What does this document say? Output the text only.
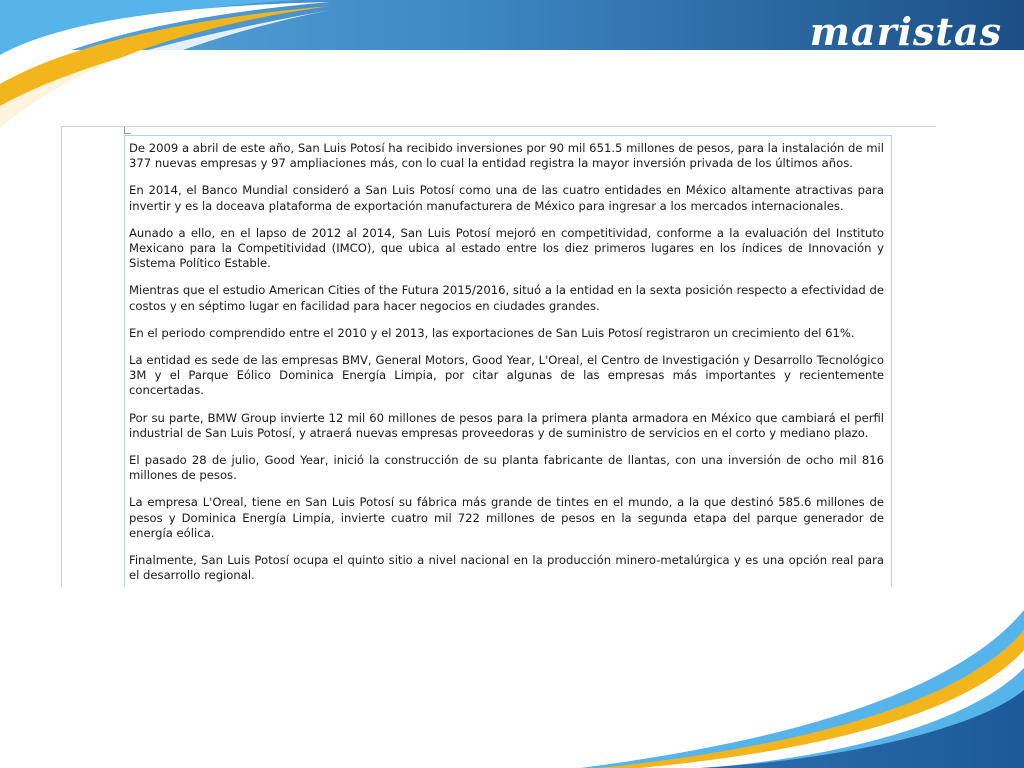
maristas

De 2009 a abril de este año, San Luis Potosí ha recibido inversiones por 90 mil 651.5 millones de pesos, para la instalación de mil 377 nuevas empresas y 97 ampliaciones más, con lo cual la entidad registra la mayor inversión privada de los últimos años.

En 2014, el Banco Mundial consideró a San Luis Potosí como una de las cuatro entidades en México altamente atractivas para invertir y es la doceava plataforma de exportación manufacturera de México para ingresar a los mercados internacionales.

Aunado a ello, en el lapso de 2012 al 2014, San Luis Potosí mejoró en competitividad, conforme a la evaluación del Instituto Mexicano para la Competitividad (IMCO), que ubica al estado entre los diez primeros lugares en los índices de Innovación y Sistema Político Estable.

Mientras que el estudio American Cities of the Futura 2015/2016, situó a la entidad en la sexta posición respecto a efectividad de costos y en séptimo lugar en facilidad para hacer negocios en ciudades grandes.

En el periodo comprendido entre el 2010 y el 2013, las exportaciones de San Luis Potosí registraron un crecimiento del 61%.

La entidad es sede de las empresas BMV, General Motors, Good Year, L'Oreal, el Centro de Investigación y Desarrollo Tecnológico 3M y el Parque Eólico Dominica Energía Limpia, por citar algunas de las empresas más importantes y recientemente concertadas.

Por su parte, BMW Group invierte 12 mil 60 millones de pesos para la primera planta armadora en México que cambiará el perfil industrial de San Luis Potosí, y atraerá nuevas empresas proveedoras y de suministro de servicios en el corto y mediano plazo.

El pasado 28 de julio, Good Year, inició la construcción de su planta fabricante de llantas, con una inversión de ocho mil 816 millones de pesos.

La empresa L'Oreal, tiene en San Luis Potosí su fábrica más grande de tintes en el mundo, a la que destinó 585.6 millones de pesos y Dominica Energía Limpia, invierte cuatro mil 722 millones de pesos en la segunda etapa del parque generador de energía eólica.

Finalmente, San Luis Potosí ocupa el quinto sitio a nivel nacional en la producción minero-metalúrgica y es una opción real para el desarrollo regional.
